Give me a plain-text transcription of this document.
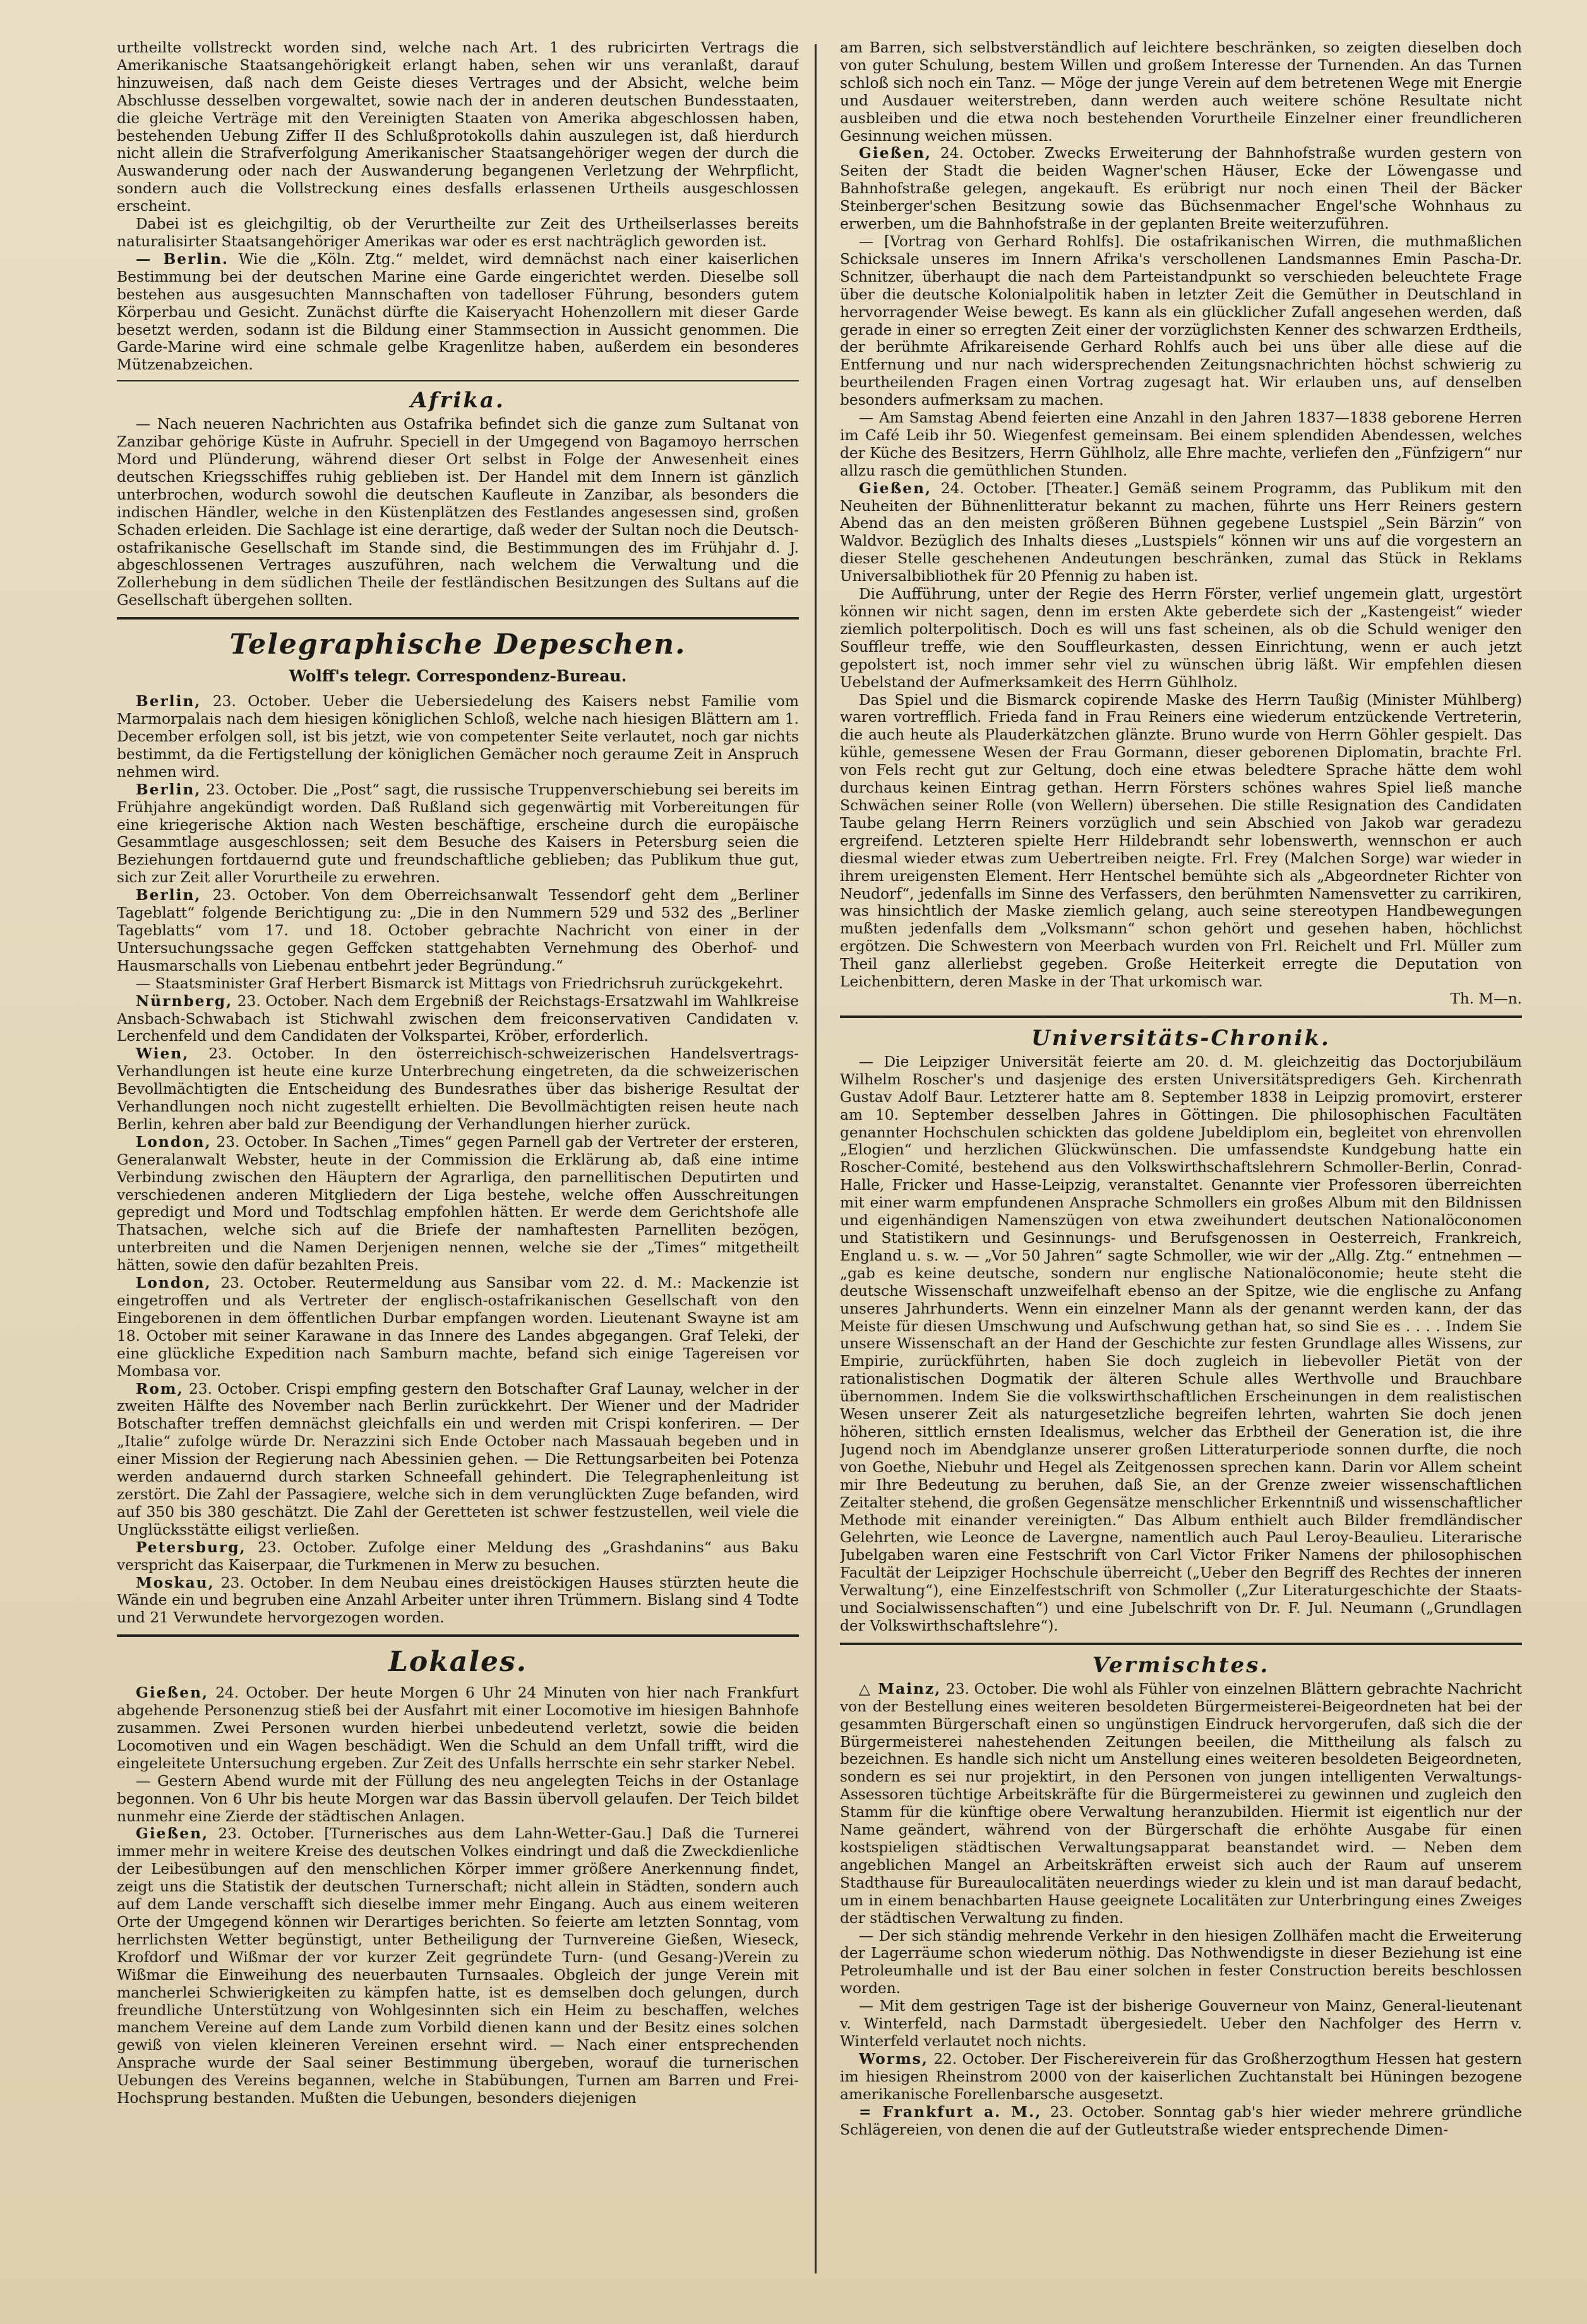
urtheilte vollstreckt worden sind, welche nach Art. 1 des rubricirten Vertrags die Amerikanische Staatsangehörigkeit erlangt haben, sehen wir uns veranlaßt, darauf hinzuweisen, daß nach dem Geiste dieses Vertrages und der Absicht, welche beim Abschlusse desselben vorgewaltet, sowie nach der in anderen deutschen Bundesstaaten, die gleiche Verträge mit den Vereinigten Staaten von Amerika abgeschlossen haben, bestehenden Uebung Ziffer II des Schlußprotokolls dahin auszulegen ist, daß hierdurch nicht allein die Strafverfolgung Amerikanischer Staatsangehöriger wegen der durch die Auswanderung oder nach der Auswanderung begangenen Verletzung der Wehrpflicht, sondern auch die Vollstreckung eines desfalls erlassenen Urtheils ausgeschlossen erscheint.

Dabei ist es gleichgiltig, ob der Verurtheilte zur Zeit des Urtheilserlasses bereits naturalisirter Staatsangehöriger Amerikas war oder es erst nachträglich geworden ist.

— Berlin. Wie die „Köln. Ztg.“ meldet, wird demnächst nach einer kaiserlichen Bestimmung bei der deutschen Marine eine Garde eingerichtet werden. Dieselbe soll bestehen aus ausgesuchten Mannschaften von tadelloser Führung, besonders gutem Körperbau und Gesicht. Zunächst dürfte die Kaiseryacht Hohenzollern mit dieser Garde besetzt werden, sodann ist die Bildung einer Stammsection in Aussicht genommen. Die Garde-Marine wird eine schmale gelbe Kragenlitze haben, außerdem ein besonderes Mützenabzeichen.

Afrika.

— Nach neueren Nachrichten aus Ostafrika befindet sich die ganze zum Sultanat von Zanzibar gehörige Küste in Aufruhr. Speciell in der Umgegend von Bagamoyo herrschen Mord und Plünderung, während dieser Ort selbst in Folge der Anwesenheit eines deutschen Kriegsschiffes ruhig geblieben ist. Der Handel mit dem Innern ist gänzlich unterbrochen, wodurch sowohl die deutschen Kaufleute in Zanzibar, als besonders die indischen Händler, welche in den Küstenplätzen des Festlandes angesessen sind, großen Schaden erleiden. Die Sachlage ist eine derartige, daß weder der Sultan noch die Deutsch-ostafrikanische Gesellschaft im Stande sind, die Bestimmungen des im Frühjahr d. J. abgeschlossenen Vertrages auszuführen, nach welchem die Verwaltung und die Zollerhebung in dem südlichen Theile der festländischen Besitzungen des Sultans auf die Gesellschaft übergehen sollten.

Telegraphische Depeschen.
Wolff's telegr. Correspondenz-Bureau.

Berlin, 23. October. Ueber die Uebersiedelung des Kaisers nebst Familie vom Marmorpalais nach dem hiesigen königlichen Schloß, welche nach hiesigen Blättern am 1. December erfolgen soll, ist bis jetzt, wie von competenter Seite verlautet, noch gar nichts bestimmt, da die Fertigstellung der königlichen Gemächer noch geraume Zeit in Anspruch nehmen wird.

Berlin, 23. October. Die „Post“ sagt, die russische Truppenverschiebung sei bereits im Frühjahre angekündigt worden. Daß Rußland sich gegenwärtig mit Vorbereitungen für eine kriegerische Aktion nach Westen beschäftige, erscheine durch die europäische Gesammtlage ausgeschlossen; seit dem Besuche des Kaisers in Petersburg seien die Beziehungen fortdauernd gute und freundschaftliche geblieben; das Publikum thue gut, sich zur Zeit aller Vorurtheile zu erwehren.

Berlin, 23. October. Von dem Oberreichsanwalt Tessendorf geht dem „Berliner Tageblatt“ folgende Berichtigung zu: „Die in den Nummern 529 und 532 des „Berliner Tageblatts“ vom 17. und 18. October gebrachte Nachricht von einer in der Untersuchungssache gegen Geffcken stattgehabten Vernehmung des Oberhof- und Hausmarschalls von Liebenau entbehrt jeder Begründung.“

— Staatsminister Graf Herbert Bismarck ist Mittags von Friedrichsruh zurückgekehrt.

Nürnberg, 23. October. Nach dem Ergebniß der Reichstags-Ersatzwahl im Wahlkreise Ansbach-Schwabach ist Stichwahl zwischen dem freiconservativen Candidaten v. Lerchenfeld und dem Candidaten der Volkspartei, Kröber, erforderlich.

Wien, 23. October. In den österreichisch-schweizerischen Handelsvertrags-Verhandlungen ist heute eine kurze Unterbrechung eingetreten, da die schweizerischen Bevollmächtigten die Entscheidung des Bundesrathes über das bisherige Resultat der Verhandlungen noch nicht zugestellt erhielten. Die Bevollmächtigten reisen heute nach Berlin, kehren aber bald zur Beendigung der Verhandlungen hierher zurück.

London, 23. October. In Sachen „Times“ gegen Parnell gab der Vertreter der ersteren, Generalanwalt Webster, heute in der Commission die Erklärung ab, daß eine intime Verbindung zwischen den Häuptern der Agrarliga, den parnellitischen Deputirten und verschiedenen anderen Mitgliedern der Liga bestehe, welche offen Ausschreitungen gepredigt und Mord und Todtschlag empfohlen hätten. Er werde dem Gerichtshofe alle Thatsachen, welche sich auf die Briefe der namhaftesten Parnelliten bezögen, unterbreiten und die Namen Derjenigen nennen, welche sie der „Times“ mitgetheilt hätten, sowie den dafür bezahlten Preis.

London, 23. October. Reutermeldung aus Sansibar vom 22. d. M.: Mackenzie ist eingetroffen und als Vertreter der englisch-ostafrikanischen Gesellschaft von den Eingeborenen in dem öffentlichen Durbar empfangen worden. Lieutenant Swayne ist am 18. October mit seiner Karawane in das Innere des Landes abgegangen. Graf Teleki, der eine glückliche Expedition nach Samburn machte, befand sich einige Tagereisen vor Mombasa vor.

Rom, 23. October. Crispi empfing gestern den Botschafter Graf Launay, welcher in der zweiten Hälfte des November nach Berlin zurückkehrt. Der Wiener und der Madrider Botschafter treffen demnächst gleichfalls ein und werden mit Crispi konferiren. — Der „Italie“ zufolge würde Dr. Nerazzini sich Ende October nach Massauah begeben und in einer Mission der Regierung nach Abessinien gehen. — Die Rettungsarbeiten bei Potenza werden andauernd durch starken Schneefall gehindert. Die Telegraphenleitung ist zerstört. Die Zahl der Passagiere, welche sich in dem verunglückten Zuge befanden, wird auf 350 bis 380 geschätzt. Die Zahl der Geretteten ist schwer festzustellen, weil viele die Unglücksstätte eiligst verließen.

Petersburg, 23. October. Zufolge einer Meldung des „Grashdanins“ aus Baku verspricht das Kaiserpaar, die Turkmenen in Merw zu besuchen.

Moskau, 23. October. In dem Neubau eines dreistöckigen Hauses stürzten heute die Wände ein und begruben eine Anzahl Arbeiter unter ihren Trümmern. Bislang sind 4 Todte und 21 Verwundete hervorgezogen worden.

Lokales.

Gießen, 24. October. Der heute Morgen 6 Uhr 24 Minuten von hier nach Frankfurt abgehende Personenzug stieß bei der Ausfahrt mit einer Locomotive im hiesigen Bahnhofe zusammen. Zwei Personen wurden hierbei unbedeutend verletzt, sowie die beiden Locomotiven und ein Wagen beschädigt. Wen die Schuld an dem Unfall trifft, wird die eingeleitete Untersuchung ergeben. Zur Zeit des Unfalls herrschte ein sehr starker Nebel.

— Gestern Abend wurde mit der Füllung des neu angelegten Teichs in der Ostanlage begonnen. Von 6 Uhr bis heute Morgen war das Bassin übervoll gelaufen. Der Teich bildet nunmehr eine Zierde der städtischen Anlagen.

Gießen, 23. October. [Turnerisches aus dem Lahn-Wetter-Gau.] Daß die Turnerei immer mehr in weitere Kreise des deutschen Volkes eindringt und daß die Zweckdienliche der Leibesübungen auf den menschlichen Körper immer größere Anerkennung findet, zeigt uns die Statistik der deutschen Turnerschaft; nicht allein in Städten, sondern auch auf dem Lande verschafft sich dieselbe immer mehr Eingang. Auch aus einem weiteren Orte der Umgegend können wir Derartiges berichten. So feierte am letzten Sonntag, vom herrlichsten Wetter begünstigt, unter Betheiligung der Turnvereine Gießen, Wieseck, Krofdorf und Wißmar der vor kurzer Zeit gegründete Turn- (und Gesang-)Verein zu Wißmar die Einweihung des neuerbauten Turnsaales. Obgleich der junge Verein mit mancherlei Schwierigkeiten zu kämpfen hatte, ist es demselben doch gelungen, durch freundliche Unterstützung von Wohlgesinnten sich ein Heim zu beschaffen, welches manchem Vereine auf dem Lande zum Vorbild dienen kann und der Besitz eines solchen gewiß von vielen kleineren Vereinen ersehnt wird. — Nach einer entsprechenden Ansprache wurde der Saal seiner Bestimmung übergeben, worauf die turnerischen Uebungen des Vereins begannen, welche in Stabübungen, Turnen am Barren und Frei-Hochsprung bestanden. Mußten die Uebungen, besonders diejenigen

am Barren, sich selbstverständlich auf leichtere beschränken, so zeigten dieselben doch von guter Schulung, bestem Willen und großem Interesse der Turnenden. An das Turnen schloß sich noch ein Tanz. — Möge der junge Verein auf dem betretenen Wege mit Energie und Ausdauer weiterstreben, dann werden auch weitere schöne Resultate nicht ausbleiben und die etwa noch bestehenden Vorurtheile Einzelner einer freundlicheren Gesinnung weichen müssen.

Gießen, 24. October. Zwecks Erweiterung der Bahnhofstraße wurden gestern von Seiten der Stadt die beiden Wagner'schen Häuser, Ecke der Löwengasse und Bahnhofstraße gelegen, angekauft. Es erübrigt nur noch einen Theil der Bäcker Steinberger'schen Besitzung sowie das Büchsenmacher Engel'sche Wohnhaus zu erwerben, um die Bahnhofstraße in der geplanten Breite weiterzuführen.

— [Vortrag von Gerhard Rohlfs]. Die ostafrikanischen Wirren, die muthmaßlichen Schicksale unseres im Innern Afrika's verschollenen Landsmannes Emin Pascha-Dr. Schnitzer, überhaupt die nach dem Parteistandpunkt so verschieden beleuchtete Frage über die deutsche Kolonialpolitik haben in letzter Zeit die Gemüther in Deutschland in hervorragender Weise bewegt. Es kann als ein glücklicher Zufall angesehen werden, daß gerade in einer so erregten Zeit einer der vorzüglichsten Kenner des schwarzen Erdtheils, der berühmte Afrikareisende Gerhard Rohlfs auch bei uns über alle diese auf die Entfernung und nur nach widersprechenden Zeitungsnachrichten höchst schwierig zu beurtheilenden Fragen einen Vortrag zugesagt hat. Wir erlauben uns, auf denselben besonders aufmerksam zu machen.

— Am Samstag Abend feierten eine Anzahl in den Jahren 1837—1838 geborene Herren im Café Leib ihr 50. Wiegenfest gemeinsam. Bei einem splendiden Abendessen, welches der Küche des Besitzers, Herrn Gühlholz, alle Ehre machte, verliefen den „Fünfzigern“ nur allzu rasch die gemüthlichen Stunden.

Gießen, 24. October. [Theater.] Gemäß seinem Programm, das Publikum mit den Neuheiten der Bühnenlitteratur bekannt zu machen, führte uns Herr Reiners gestern Abend das an den meisten größeren Bühnen gegebene Lustspiel „Sein Bärzin“ von Waldvor. Bezüglich des Inhalts dieses „Lustspiels“ können wir uns auf die vorgestern an dieser Stelle geschehenen Andeutungen beschränken, zumal das Stück in Reklams Universalbibliothek für 20 Pfennig zu haben ist.

Die Aufführung, unter der Regie des Herrn Förster, verlief ungemein glatt, urgestört können wir nicht sagen, denn im ersten Akte geberdete sich der „Kastengeist“ wieder ziemlich polterpolitisch. Doch es will uns fast scheinen, als ob die Schuld weniger den Souffleur treffe, wie den Souffleurkasten, dessen Einrichtung, wenn er auch jetzt gepolstert ist, noch immer sehr viel zu wünschen übrig läßt. Wir empfehlen diesen Uebelstand der Aufmerksamkeit des Herrn Gühlholz.

Das Spiel und die Bismarck copirende Maske des Herrn Taußig (Minister Mühlberg) waren vortrefflich. Frieda fand in Frau Reiners eine wiederum entzückende Vertreterin, die auch heute als Plauderkätzchen glänzte. Bruno wurde von Herrn Göhler gespielt. Das kühle, gemessene Wesen der Frau Gormann, dieser geborenen Diplomatin, brachte Frl. von Fels recht gut zur Geltung, doch eine etwas beledtere Sprache hätte dem wohl durchaus keinen Eintrag gethan. Herrn Försters schönes wahres Spiel ließ manche Schwächen seiner Rolle (von Wellern) übersehen. Die stille Resignation des Candidaten Taube gelang Herrn Reiners vorzüglich und sein Abschied von Jakob war geradezu ergreifend. Letzteren spielte Herr Hildebrandt sehr lobenswerth, wennschon er auch diesmal wieder etwas zum Uebertreiben neigte. Frl. Frey (Malchen Sorge) war wieder in ihrem ureigensten Element. Herr Hentschel bemühte sich als „Abgeordneter Richter von Neudorf“, jedenfalls im Sinne des Verfassers, den berühmten Namensvetter zu carrikiren, was hinsichtlich der Maske ziemlich gelang, auch seine stereotypen Handbewegungen mußten jedenfalls dem „Volksmann“ schon gehört und gesehen haben, höchlichst ergötzen. Die Schwestern von Meerbach wurden von Frl. Reichelt und Frl. Müller zum Theil ganz allerliebst gegeben. Große Heiterkeit erregte die Deputation von Leichenbittern, deren Maske in der That urkomisch war.

Th. M—n.

Universitäts-Chronik.

— Die Leipziger Universität feierte am 20. d. M. gleichzeitig das Doctorjubiläum Wilhelm Roscher's und dasjenige des ersten Universitätspredigers Geh. Kirchenrath Gustav Adolf Baur. Letzterer hatte am 8. September 1838 in Leipzig promovirt, ersterer am 10. September desselben Jahres in Göttingen. Die philosophischen Facultäten genannter Hochschulen schickten das goldene Jubeldiplom ein, begleitet von ehrenvollen „Elogien“ und herzlichen Glückwünschen. Die umfassendste Kundgebung hatte ein Roscher-Comité, bestehend aus den Volkswirthschaftslehrern Schmoller-Berlin, Conrad-Halle, Fricker und Hasse-Leipzig, veranstaltet. Genannte vier Professoren überreichten mit einer warm empfundenen Ansprache Schmollers ein großes Album mit den Bildnissen und eigenhändigen Namenszügen von etwa zweihundert deutschen Nationalöconomen und Statistikern und Gesinnungs- und Berufsgenossen in Oesterreich, Frankreich, England u. s. w. — „Vor 50 Jahren“ sagte Schmoller, wie wir der „Allg. Ztg.“ entnehmen — „gab es keine deutsche, sondern nur englische Nationalöconomie; heute steht die deutsche Wissenschaft unzweifelhaft ebenso an der Spitze, wie die englische zu Anfang unseres Jahrhunderts. Wenn ein einzelner Mann als der genannt werden kann, der das Meiste für diesen Umschwung und Aufschwung gethan hat, so sind Sie es . . . . Indem Sie unsere Wissenschaft an der Hand der Geschichte zur festen Grundlage alles Wissens, zur Empirie, zurückführten, haben Sie doch zugleich in liebevoller Pietät von der rationalistischen Dogmatik der älteren Schule alles Werthvolle und Brauchbare übernommen. Indem Sie die volkswirthschaftlichen Erscheinungen in dem realistischen Wesen unserer Zeit als naturgesetzliche begreifen lehrten, wahrten Sie doch jenen höheren, sittlich ernsten Idealismus, welcher das Erbtheil der Generation ist, die ihre Jugend noch im Abendglanze unserer großen Litteraturperiode sonnen durfte, die noch von Goethe, Niebuhr und Hegel als Zeitgenossen sprechen kann. Darin vor Allem scheint mir Ihre Bedeutung zu beruhen, daß Sie, an der Grenze zweier wissenschaftlichen Zeitalter stehend, die großen Gegensätze menschlicher Erkenntniß und wissenschaftlicher Methode mit einander vereinigten.“ Das Album enthielt auch Bilder fremdländischer Gelehrten, wie Leonce de Lavergne, namentlich auch Paul Leroy-Beaulieu. Literarische Jubelgaben waren eine Festschrift von Carl Victor Friker Namens der philosophischen Facultät der Leipziger Hochschule überreicht („Ueber den Begriff des Rechtes der inneren Verwaltung“), eine Einzelfestschrift von Schmoller („Zur Literaturgeschichte der Staats- und Socialwissenschaften“) und eine Jubelschrift von Dr. F. Jul. Neumann („Grundlagen der Volkswirthschaftslehre“).

Vermischtes.

△ Mainz, 23. October. Die wohl als Fühler von einzelnen Blättern gebrachte Nachricht von der Bestellung eines weiteren besoldeten Bürgermeisterei-Beigeordneten hat bei der gesammten Bürgerschaft einen so ungünstigen Eindruck hervorgerufen, daß sich die der Bürgermeisterei nahestehenden Zeitungen beeilen, die Mittheilung als falsch zu bezeichnen. Es handle sich nicht um Anstellung eines weiteren besoldeten Beigeordneten, sondern es sei nur projektirt, in den Personen von jungen intelligenten Verwaltungs-Assessoren tüchtige Arbeitskräfte für die Bürgermeisterei zu gewinnen und zugleich den Stamm für die künftige obere Verwaltung heranzubilden. Hiermit ist eigentlich nur der Name geändert, während von der Bürgerschaft die erhöhte Ausgabe für einen kostspieligen städtischen Verwaltungsapparat beanstandet wird. — Neben dem angeblichen Mangel an Arbeitskräften erweist sich auch der Raum auf unserem Stadthause für Bureaulocalitäten neuerdings wieder zu klein und ist man darauf bedacht, um in einem benachbarten Hause geeignete Localitäten zur Unterbringung eines Zweiges der städtischen Verwaltung zu finden.

— Der sich ständig mehrende Verkehr in den hiesigen Zollhäfen macht die Erweiterung der Lagerräume schon wiederum nöthig. Das Nothwendigste in dieser Beziehung ist eine Petroleumhalle und ist der Bau einer solchen in fester Construction bereits beschlossen worden.

— Mit dem gestrigen Tage ist der bisherige Gouverneur von Mainz, General-lieutenant v. Winterfeld, nach Darmstadt übergesiedelt. Ueber den Nachfolger des Herrn v. Winterfeld verlautet noch nichts.

Worms, 22. October. Der Fischereiverein für das Großherzogthum Hessen hat gestern im hiesigen Rheinstrom 2000 von der kaiserlichen Zuchtanstalt bei Hüningen bezogene amerikanische Forellenbarsche ausgesetzt.

= Frankfurt a. M., 23. October. Sonntag gab's hier wieder mehrere gründliche Schlägereien, von denen die auf der Gutleutstraße wieder entsprechende Dimen-
